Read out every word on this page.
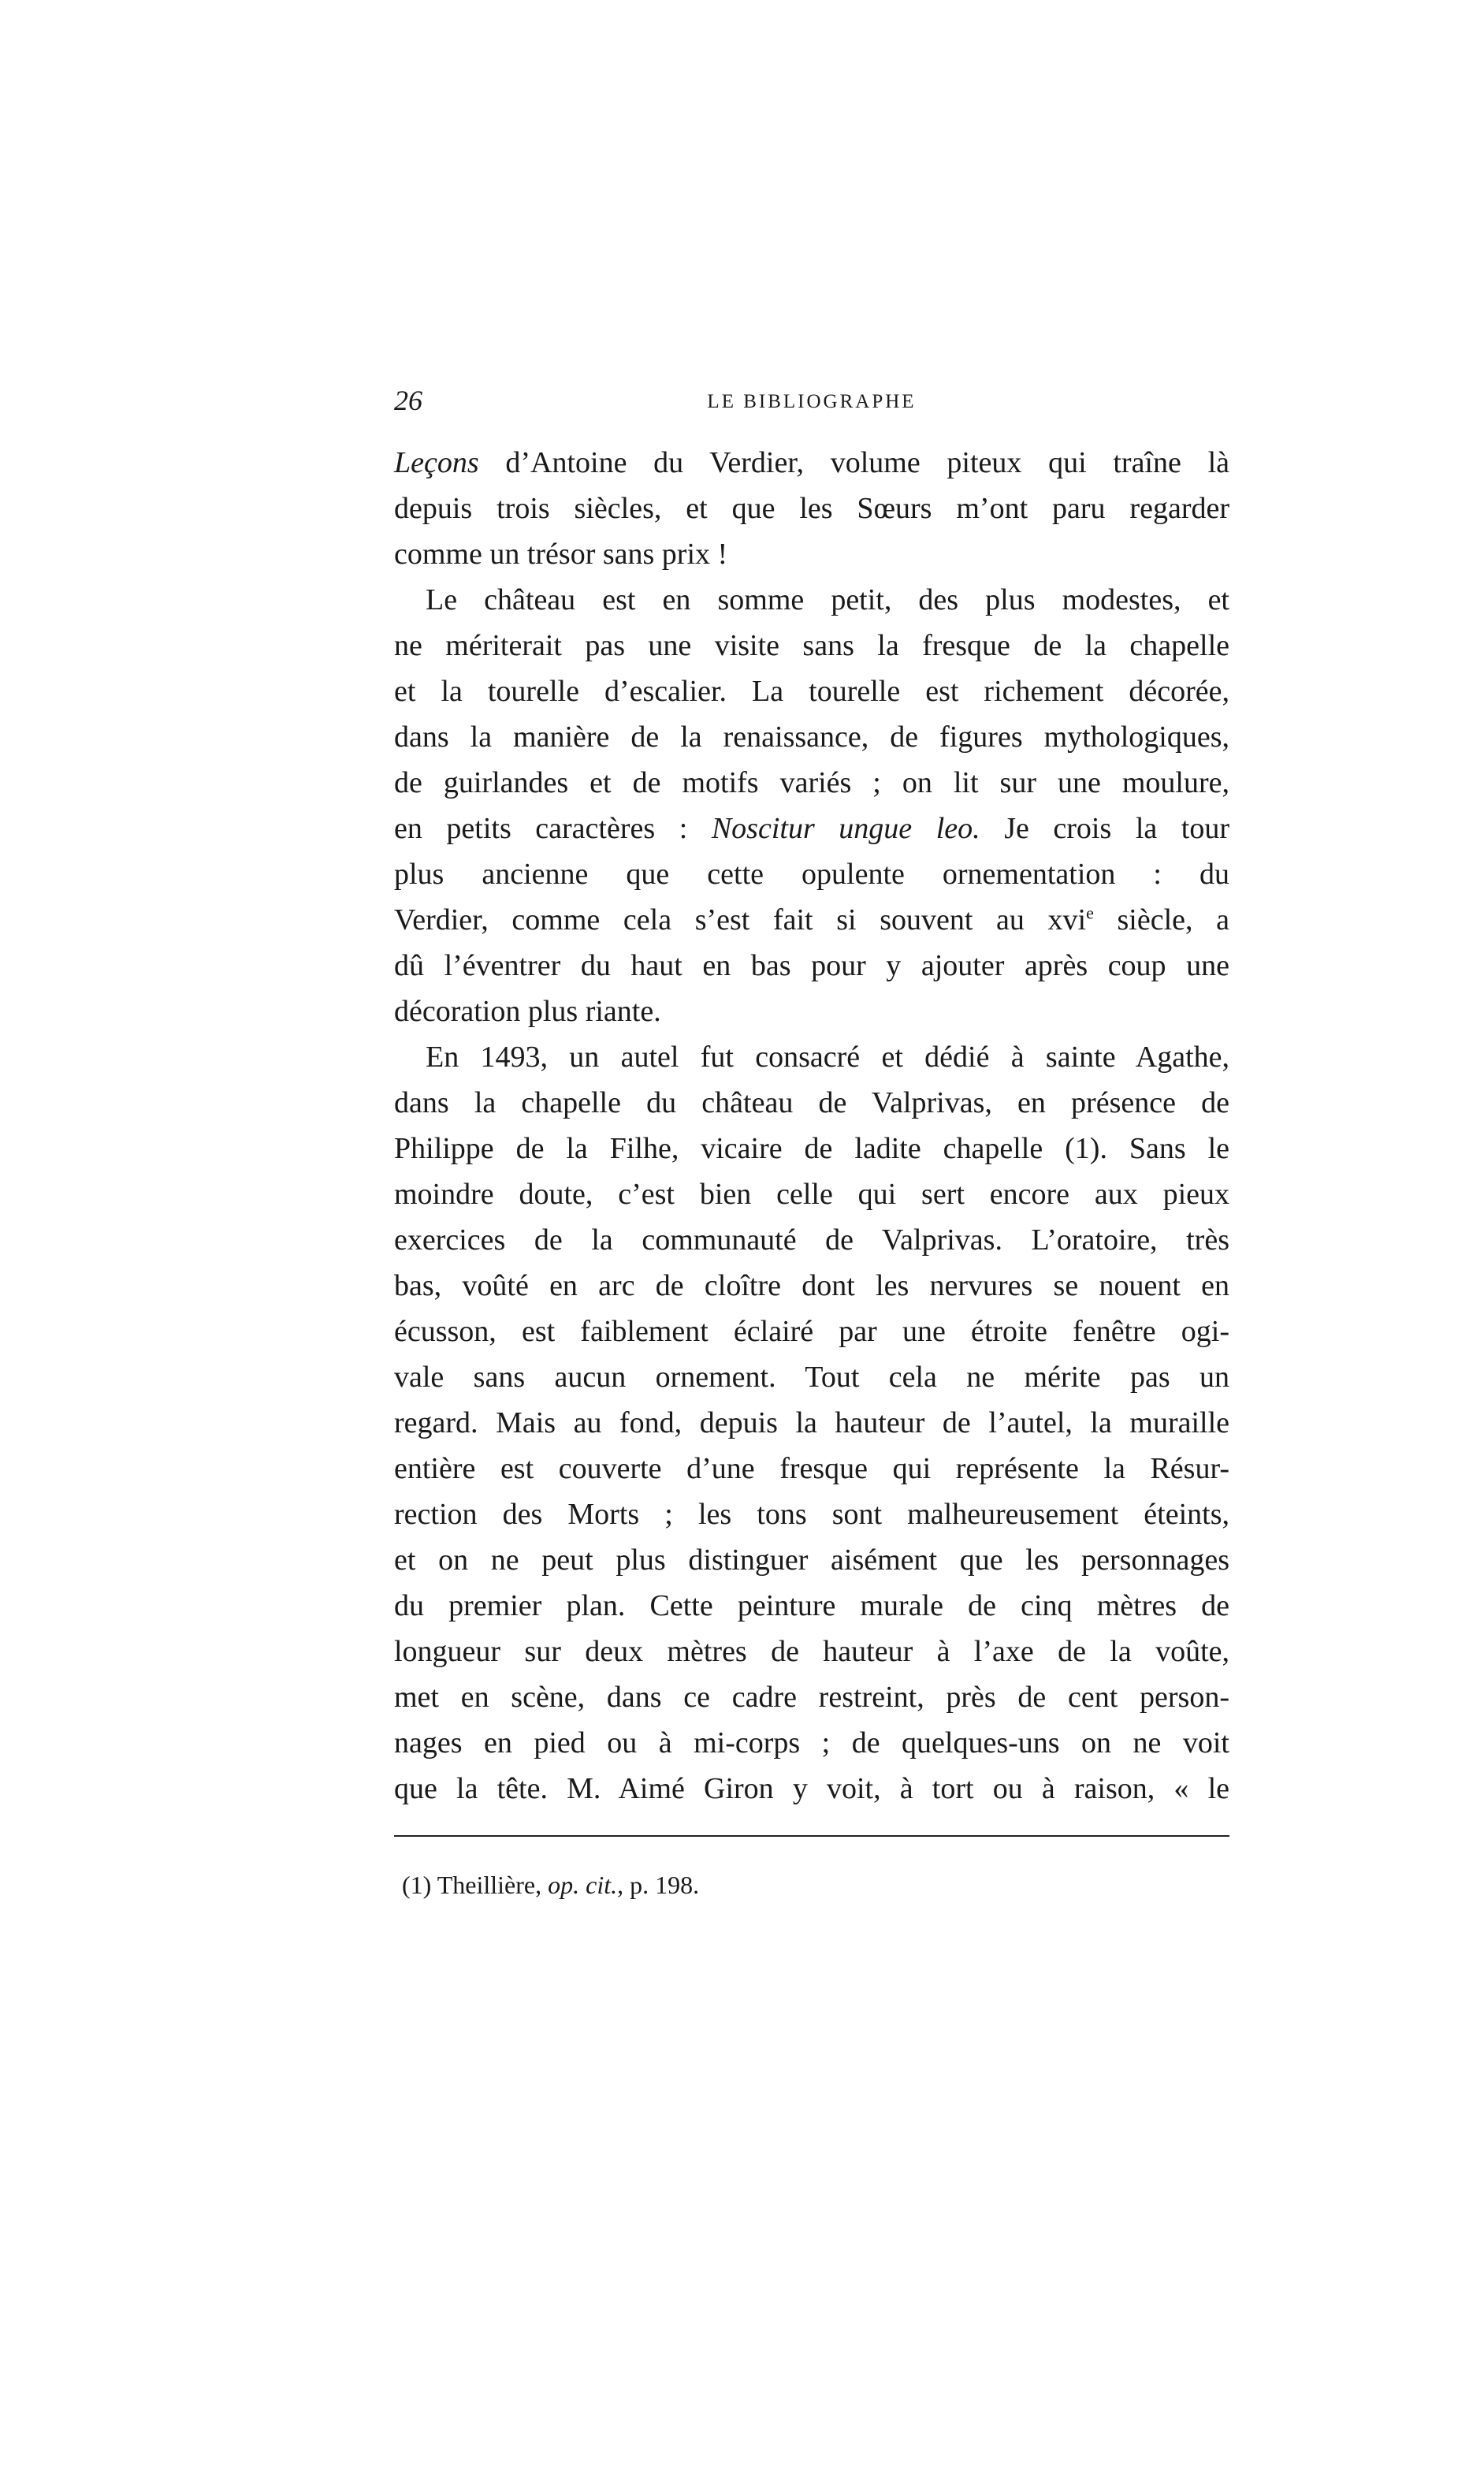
26	LE BIBLIOGRAPHE
Leçons d’Antoine du Verdier, volume piteux qui traîne là
depuis trois siècles, et que les Sœurs m’ont paru regarder
comme un trésor sans prix !
Le château est en somme petit, des plus modestes, et
ne mériterait pas une visite sans la fresque de la chapelle
et la tourelle d’escalier. La tourelle est richement décorée,
dans la manière de la renaissance, de figures mythologiques,
de guirlandes et de motifs variés ; on lit sur une moulure,
en petits caractères : Noscitur ungue leo. Je crois la tour
plus ancienne que cette opulente ornementation : du
Verdier, comme cela s’est fait si souvent au xvi$^e$ siècle, a
dû l’éventrer du haut en bas pour y ajouter après coup une
décoration plus riante.
En 1493, un autel fut consacré et dédié à sainte Agathe,
dans la chapelle du château de Valprivas, en présence de
Philippe de la Filhe, vicaire de ladite chapelle (1). Sans le
moindre doute, c’est bien celle qui sert encore aux pieux
exercices de la communauté de Valprivas. L’oratoire, très
bas, voûté en arc de cloître dont les nervures se nouent en
écusson, est faiblement éclairé par une étroite fenêtre ogi-
vale sans aucun ornement. Tout cela ne mérite pas un
regard. Mais au fond, depuis la hauteur de l’autel, la muraille
entière est couverte d’une fresque qui représente la Résur-
rection des Morts ; les tons sont malheureusement éteints,
et on ne peut plus distinguer aisément que les personnages
du premier plan. Cette peinture murale de cinq mètres de
longueur sur deux mètres de hauteur à l’axe de la voûte,
met en scène, dans ce cadre restreint, près de cent person-
nages en pied ou à mi-corps ; de quelques-uns on ne voit
que la tête. M. Aimé Giron y voit, à tort ou à raison, « le
(1) Theillière, op. cit., p. 198.
